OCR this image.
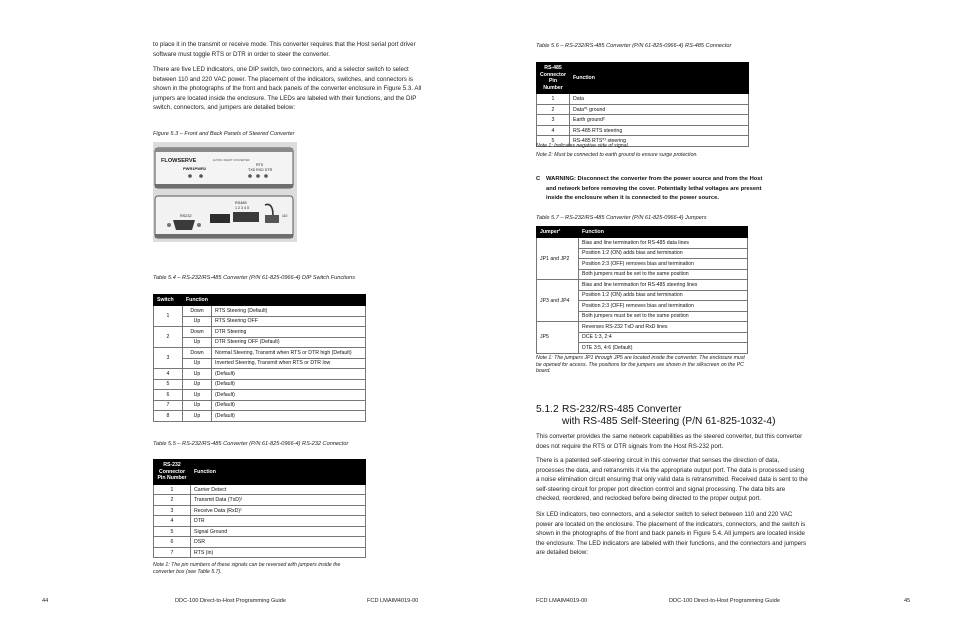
to place it in the transmit or receive mode. This converter requires that the Host serial port driver software must toggle RTS or DTR in order to steer the converter.

There are five LED indicators, one DIP switch, two connectors, and a selector switch to select between 110 and 220 VAC power. The placement of the indicators, switches, and connectors is shown in the photographs of the front and back panels of the converter enclosure in Figure 5.3. All jumpers are located inside the enclosure. The LEDs are labeled with their functions, and the DIP switch, connectors, and jumpers are detailed below:

Figure 5.3 – Front and Back Panels of Steered Converter
FLOWSERVE	ELTROL SMART CONVERTER
PWR1PWR2
RTS
TXD RXD DTR
RS485
1 2 3 4 5
RS232	110
Table 5.4 – RS-232/RS-485 Converter (P/N 61-825-0966-4) DIP Switch Functions
Switch	Function	
1	Down	RTS Steering (Default)
	Up	RTS Steering OFF
2	Down	DTR Steering
	Up	DTR Steering OFF (Default)
3	Down	Normal Steering, Transmit when RTS or DTR high (Default)
	Up	Inverted Steering, Transmit when RTS or DTR low
4	Up	(Default)
5	Up	(Default)
6	Up	(Default)
7	Up	(Default)
8	Up	(Default)
Table 5.5 – RS-232/RS-485 Converter (P/N 61-825-0966-4) RS-232 Connector
RS-232 Connector Pin Number	Function
1	Carrier Detect
2	Transmit Data (TxD)¹
3	Receive Data (RxD)¹
4	DTR
5	Signal Ground
6	DSR
7	RTS (in)
Note 1: The pin numbers of these signals can be reversed with jumpers inside the converter box (see Table 5.7).
44	DDC-100 Direct-to-Host Programming Guide	FCD LMAIM4019-00
Table 5.6 – RS-232/RS-485 Converter (P/N 61-825-0966-4) RS-485 Connector
RS-485 Connector Pin Number	Function
1	Data
2	Data*¹ ground
3	Earth ground²
4	RS-485 RTS steering
5	RS-485 RTS*¹ steering
Note 1: Indicates negative side of signal.
Note 2: Must be connected to earth ground to ensure surge protection.
C	WARNING: Disconnect the converter from the power source and from the Host and network before removing the cover. Potentially lethal voltages are present inside the enclosure when it is connected to the power source.
Table 5.7 – RS-232/RS-485 Converter (P/N 61-825-0966-4) Jumpers
Jumper¹	Function
JP1 and JP2	Bias and line termination for RS-485 data lines
	Position 1:2 (ON) adds bias and termination
	Position 2:3 (OFF) removes bias and termination
	Both jumpers must be set to the same position
JP3 and JP4	Bias and line termination for RS-485 steering lines
	Position 1:2 (ON) adds bias and termination
	Position 2:3 (OFF) removes bias and termination
	Both jumpers must be set to the same position
JP5	Reverses RS-232 TxD and RxD lines
	DCE 1:3, 2:4
	DTE 3:5, 4:6 (Default)
Note 1: The jumpers JP1 through JP5 are located inside the converter. The enclosure must be opened for access. The positions for the jumpers are shown in the silkscreen on the PC board.
5.1.2 RS-232/RS-485 Converter
with RS-485 Self-Steering (P/N 61-825-1032-4)

This converter provides the same network capabilities as the steered converter, but this converter does not require the RTS or DTR signals from the Host RS-232 port.

There is a patented self-steering circuit in this converter that senses the direction of data, processes the data, and retransmits it via the appropriate output port. The data is processed using a noise elimination circuit ensuring that only valid data is retransmitted. Received data is sent to the self-steering circuit for proper port direction control and signal processing. The data bits are checked, reordered, and reclocked before being directed to the proper output port.

Six LED indicators, two connectors, and a selector switch to select between 110 and 220 VAC power are located on the enclosure. The placement of the indicators, connectors, and the switch is shown in the photographs of the front and back panels in Figure 5.4. All jumpers are located inside the enclosure. The LED indicators are labeled with their functions, and the connectors and jumpers are detailed below:

FCD LMAIM4019-00	DDC-100 Direct-to-Host Programming Guide	45
